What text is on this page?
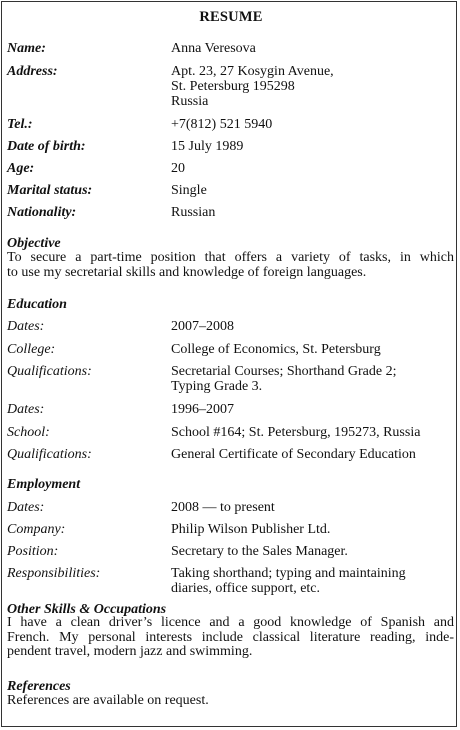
RESUME
Name:	Anna Veresova
Address:	Apt. 23, 27 Kosygin Avenue,
St. Petersburg 195298
Russia
Tel.:	+7(812) 521 5940
Date of birth:	15 July 1989
Age:	20
Marital status:	Single
Nationality:	Russian
Objective
To secure a part-time position that offers a variety of tasks, in which
to use my secretarial skills and knowledge of foreign languages.
Education
Dates:	2007–2008
College:	College of Economics, St. Petersburg
Qualifications:	Secretarial Courses; Shorthand Grade 2;
Typing Grade 3.
Dates:	1996–2007
School:	School #164; St. Petersburg, 195273, Russia
Qualifications:	General Certificate of Secondary Education
Employment
Dates:	2008 — to present
Company:	Philip Wilson Publisher Ltd.
Position:	Secretary to the Sales Manager.
Responsibilities:	Taking shorthand; typing and maintaining
diaries, office support, etc.
Other Skills & Occupations
I have a clean driver’s licence and a good knowledge of Spanish and
French. My personal interests include classical literature reading, inde-
pendent travel, modern jazz and swimming.
References
References are available on request.
